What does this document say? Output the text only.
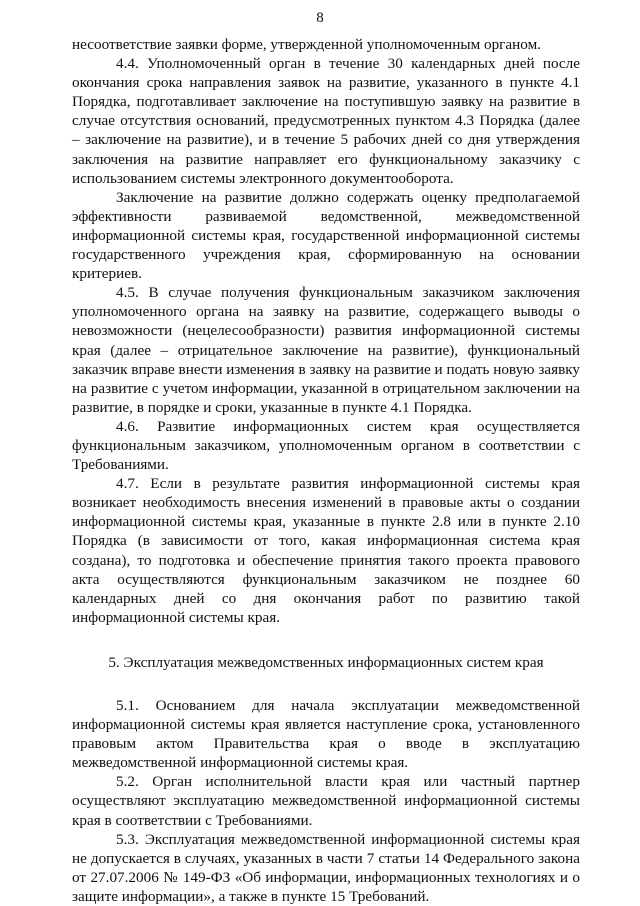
8

несоответствие заявки форме, утвержденной уполномоченным органом.

4.4. Уполномоченный орган в течение 30 календарных дней после окончания срока направления заявок на развитие, указанного в пункте 4.1 Порядка, подготавливает заключение на поступившую заявку на развитие в случае отсутствия оснований, предусмотренных пунктом 4.3 Порядка (далее – заключение на развитие), и в течение 5 рабочих дней со дня утверждения заключения на развитие направляет его функциональному заказчику с использованием системы электронного документооборота.

Заключение на развитие должно содержать оценку предполагаемой эффективности развиваемой ведомственной, межведомственной информационной системы края, государственной информационной системы государственного учреждения края, сформированную на основании критериев.

4.5. В случае получения функциональным заказчиком заключения уполномоченного органа на заявку на развитие, содержащего выводы о невозможности (нецелесообразности) развития информационной системы края (далее – отрицательное заключение на развитие), функциональный заказчик вправе внести изменения в заявку на развитие и подать новую заявку на развитие с учетом информации, указанной в отрицательном заключении на развитие, в порядке и сроки, указанные в пункте 4.1 Порядка.

4.6. Развитие информационных систем края осуществляется функциональным заказчиком, уполномоченным органом в соответствии с Требованиями.

4.7. Если в результате развития информационной системы края возникает необходимость внесения изменений в правовые акты о создании информационной системы края, указанные в пункте 2.8 или в пункте 2.10 Порядка (в зависимости от того, какая информационная система края создана), то подготовка и обеспечение принятия такого проекта правового акта осуществляются функциональным заказчиком не позднее 60 календарных дней со дня окончания работ по развитию такой информационной системы края.

5. Эксплуатация межведомственных информационных систем края

5.1. Основанием для начала эксплуатации межведомственной информационной системы края является наступление срока, установленного правовым актом Правительства края о вводе в эксплуатацию межведомственной информационной системы края.

5.2. Орган исполнительной власти края или частный партнер осуществляют эксплуатацию межведомственной информационной системы края в соответствии с Требованиями.

5.3. Эксплуатация межведомственной информационной системы края не допускается в случаях, указанных в части 7 статьи 14 Федерального закона от 27.07.2006 № 149-ФЗ «Об информации, информационных технологиях и о защите информации», а также в пункте 15 Требований.
